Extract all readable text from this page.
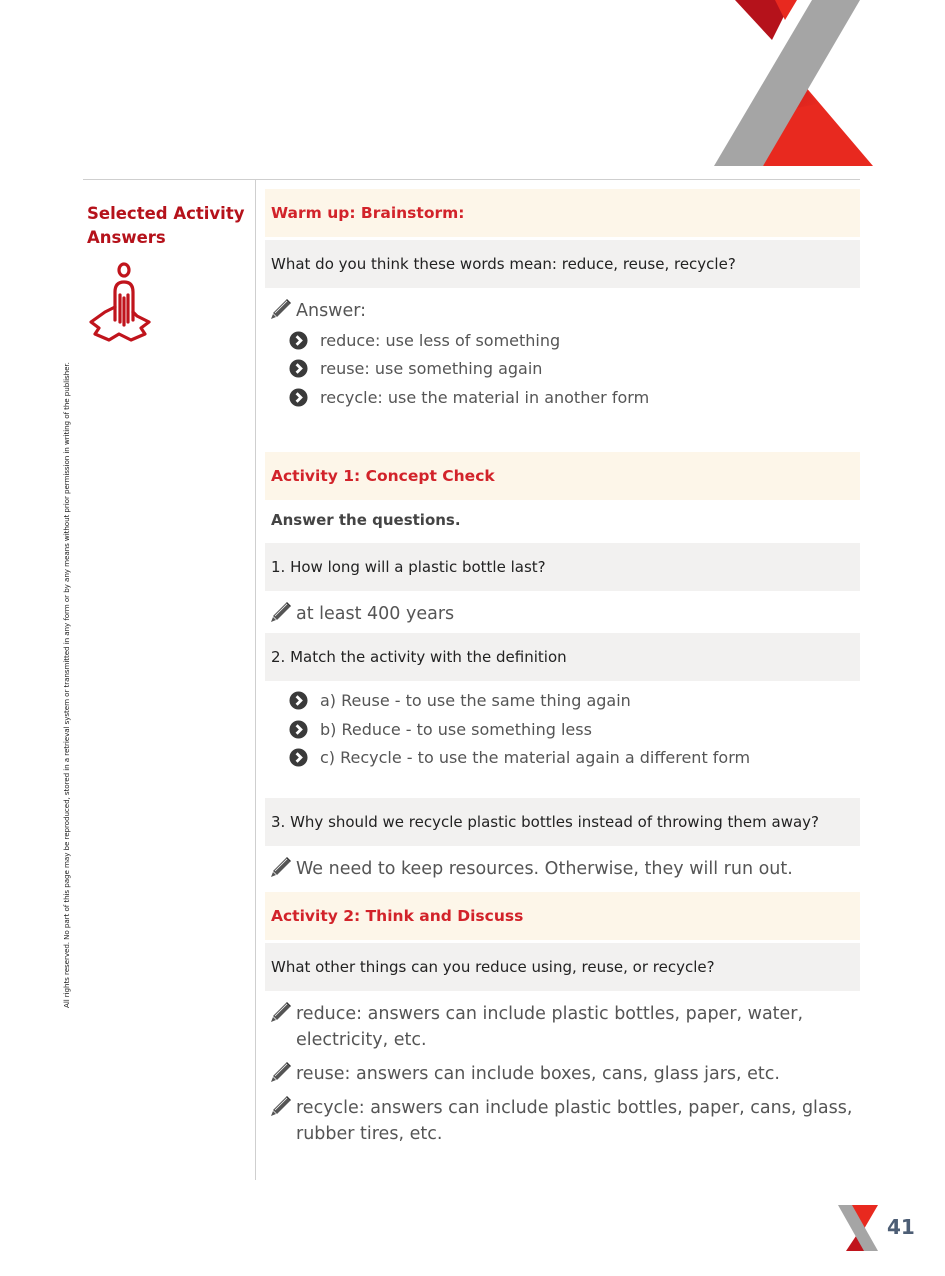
All rights reserved. No part of this page may be reproduced, stored in a retrieval system or transmitted in any form or by any means without prior permission in writing of the publisher.

Selected Activity
Answers

Warm up: Brainstorm:
What do you think these words mean: reduce, reuse, recycle?
Answer:
reduce: use less of something
reuse: use something again
recycle: use the material in another form
Activity 1: Concept Check
Answer the questions.
1. How long will a plastic bottle last?
at least 400 years
2. Match the activity with the definition
a) Reuse - to use the same thing again
b) Reduce - to use something less
c) Recycle - to use the material again a different form
3. Why should we recycle plastic bottles instead of throwing them away?
We need to keep resources. Otherwise, they will run out.
Activity 2: Think and Discuss
What other things can you reduce using, reuse, or recycle?
reduce: answers can include plastic bottles, paper, water, electricity, etc.
reuse: answers can include boxes, cans, glass jars, etc.
recycle: answers can include plastic bottles, paper, cans, glass, rubber tires, etc.
41
